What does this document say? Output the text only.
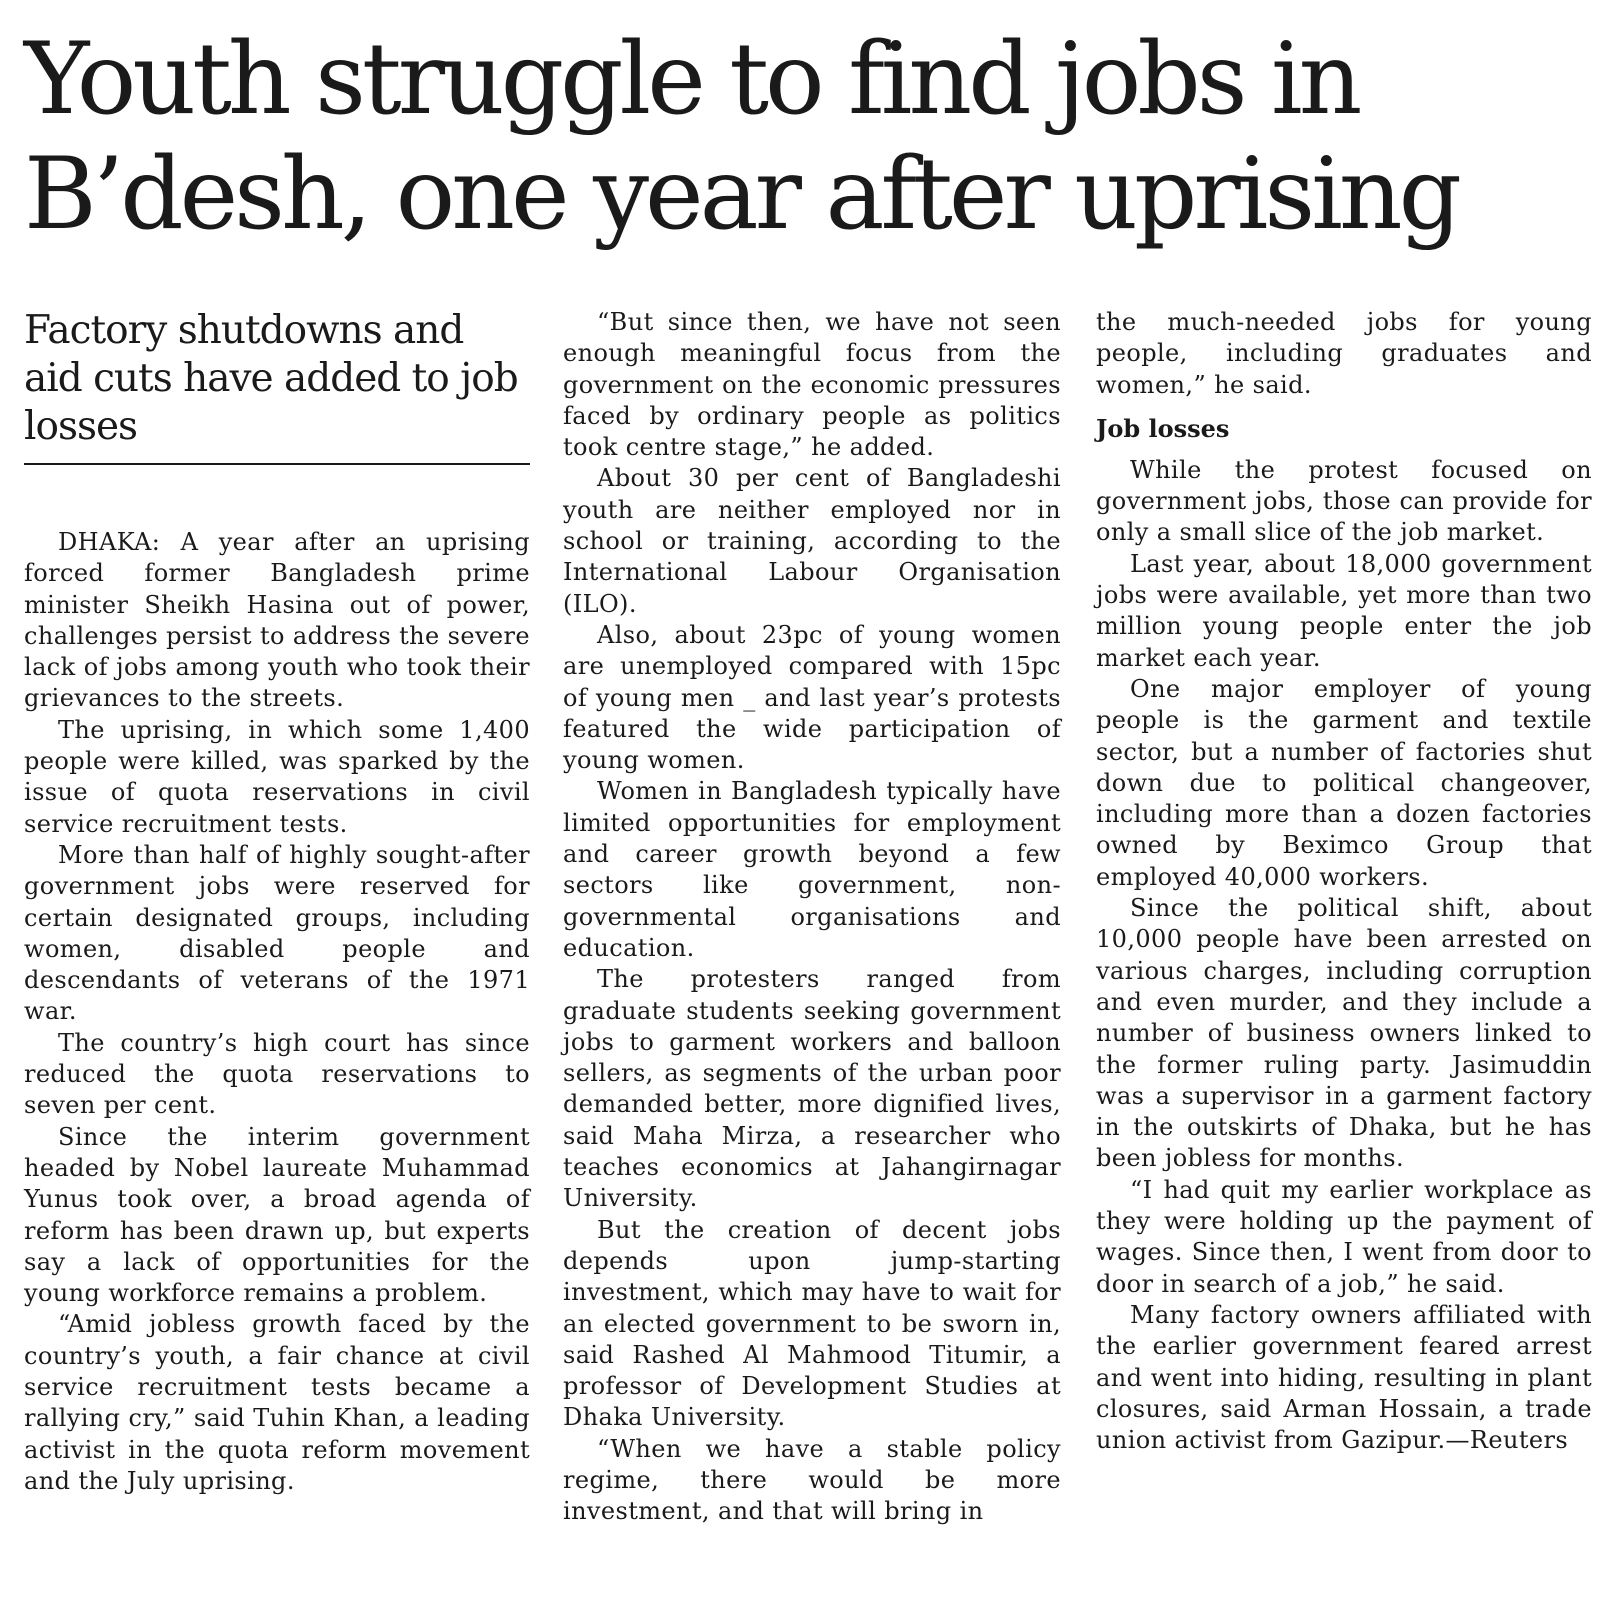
Youth struggle to find jobs in
B’desh, one year after uprising
Factory shutdowns and aid cuts have added to job losses

DHAKA: A year after an uprising forced former Bangladesh prime minister Sheikh Hasina out of power, challenges persist to address the severe lack of jobs among youth who took their grievances to the streets.

The uprising, in which some 1,400 people were killed, was sparked by the issue of quota reservations in civil service recruitment tests.

More than half of highly sought-after government jobs were reserved for certain designated groups, including women, disabled people and descendants of veterans of the 1971 war.

The country’s high court has since reduced the quota reservations to seven per cent.

Since the interim government headed by Nobel laureate Muhammad Yunus took over, a broad agenda of reform has been drawn up, but experts say a lack of opportunities for the young workforce remains a problem.

“Amid jobless growth faced by the country’s youth, a fair chance at civil service recruitment tests became a rallying cry,” said Tuhin Khan, a leading activist in the quota reform movement and the July uprising.

“But since then, we have not seen enough meaningful focus from the government on the economic pressures faced by ordinary people as politics took centre stage,” he added.

About 30 per cent of Bangladeshi youth are neither employed nor in school or training, according to the International Labour Organisation (ILO).

Also, about 23pc of young women are unemployed compared with 15pc of young men _ and last year’s protests featured the wide participation of young women.

Women in Bangladesh typically have limited opportunities for employment and career growth beyond a few sectors like government, non-governmental organisations and education.

The protesters ranged from graduate students seeking government jobs to garment workers and balloon sellers, as segments of the urban poor demanded better, more dignified lives, said Maha Mirza, a researcher who teaches economics at Jahangirnagar University.

But the creation of decent jobs depends upon jump-starting investment, which may have to wait for an elected government to be sworn in, said Rashed Al Mahmood Titumir, a professor of Development Studies at Dhaka University.

“When we have a stable policy regime, there would be more investment, and that will bring in

the much-needed jobs for young people, including graduates and women,” he said.

Job losses

While the protest focused on government jobs, those can provide for only a small slice of the job market.

Last year, about 18,000 government jobs were available, yet more than two million young people enter the job market each year.

One major employer of young people is the garment and textile sector, but a number of factories shut down due to political changeover, including more than a dozen factories owned by Beximco Group that employed 40,000 workers.

Since the political shift, about 10,000 people have been arrested on various charges, including corruption and even murder, and they include a number of business owners linked to the former ruling party. Jasimuddin was a supervisor in a garment factory in the outskirts of Dhaka, but he has been jobless for months.

“I had quit my earlier workplace as they were holding up the payment of wages. Since then, I went from door to door in search of a job,” he said.

Many factory owners affiliated with the earlier government feared arrest and went into hiding, resulting in plant closures, said Arman Hossain, a trade union activist from Gazipur.—Reuters
